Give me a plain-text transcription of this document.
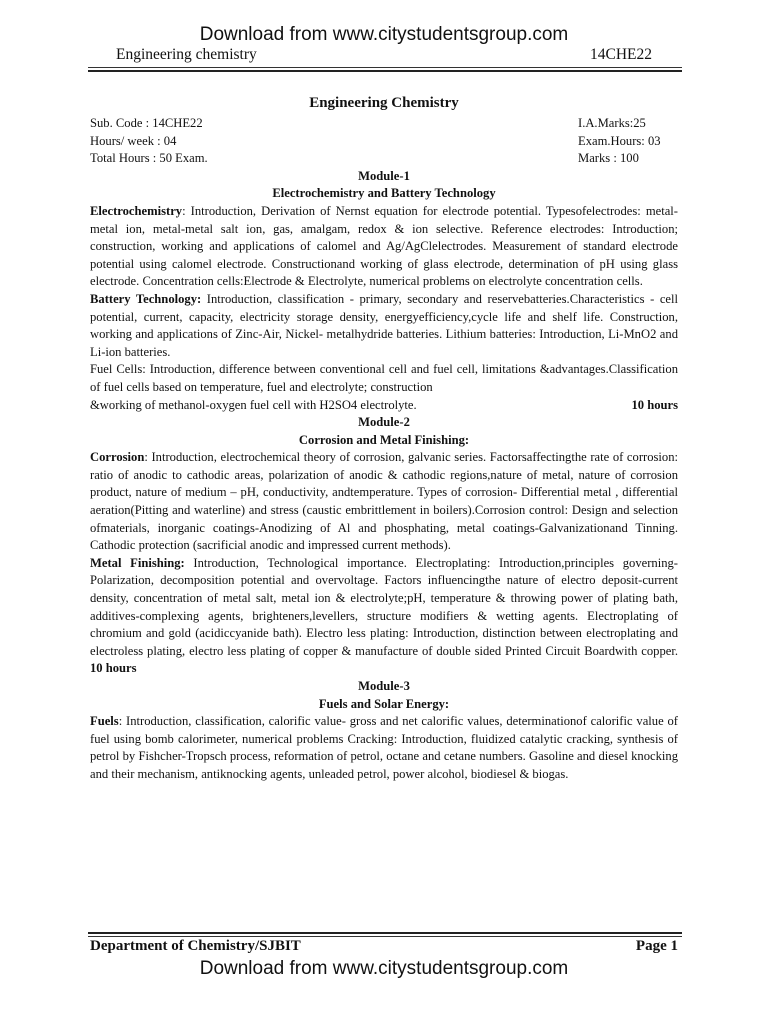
Download from www.citystudentsgroup.com
Engineering chemistry	14CHE22
Engineering Chemistry
Sub. Code : 14CHE22	I.A.Marks:25
Hours/ week : 04	Exam.Hours: 03
Total Hours : 50 Exam.	Marks : 100
Module-1
Electrochemistry and Battery Technology

Electrochemistry: Introduction, Derivation of Nernst equation for electrode potential. Typesofelectrodes: metal-metal ion, metal-metal salt ion, gas, amalgam, redox & ion selective. Reference electrodes: Introduction; construction, working and applications of calomel and Ag/AgClelectrodes. Measurement of standard electrode potential using calomel electrode. Constructionand working of glass electrode, determination of pH using glass electrode. Concentration cells:Electrode & Electrolyte, numerical problems on electrolyte concentration cells.

Battery Technology: Introduction, classification - primary, secondary and reservebatteries.Characteristics - cell potential, current, capacity, electricity storage density, energyefficiency,cycle life and shelf life. Construction, working and applications of Zinc-Air, Nickel- metalhydride batteries. Lithium batteries: Introduction, Li-MnO2 and Li-ion batteries.

Fuel Cells: Introduction, difference between conventional cell and fuel cell, limitations &advantages.Classification of fuel cells based on temperature, fuel and electrolyte; construction

&working of methanol-oxygen fuel cell with H2SO4 electrolyte.	10 hours
Module-2
Corrosion and Metal Finishing:

Corrosion: Introduction, electrochemical theory of corrosion, galvanic series. Factorsaffectingthe rate of corrosion: ratio of anodic to cathodic areas, polarization of anodic & cathodic regions,nature of metal, nature of corrosion product, nature of medium – pH, conductivity, andtemperature. Types of corrosion- Differential metal , differential aeration(Pitting and waterline) and stress (caustic embrittlement in boilers).Corrosion control: Design and selection ofmaterials, inorganic coatings-Anodizing of Al and phosphating, metal coatings-Galvanizationand Tinning. Cathodic protection (sacrificial anodic and impressed current methods).

Metal Finishing: Introduction, Technological importance. Electroplating: Introduction,principles governing-Polarization, decomposition potential and overvoltage. Factors influencingthe nature of electro deposit-current density, concentration of metal salt, metal ion & electrolyte;pH, temperature & throwing power of plating bath, additives-complexing agents, brighteners,levellers, structure modifiers & wetting agents. Electroplating of chromium and gold (acidiccyanide bath). Electro less plating: Introduction, distinction between electroplating and electroless plating, electro less plating of copper & manufacture of double sided Printed Circuit Boardwith copper. 10 hours

Module-3
Fuels and Solar Energy:

Fuels: Introduction, classification, calorific value- gross and net calorific values, determinationof calorific value of fuel using bomb calorimeter, numerical problems Cracking: Introduction, fluidized catalytic cracking, synthesis of petrol by Fishcher-Tropsch process, reformation of petrol, octane and cetane numbers. Gasoline and diesel knocking and their mechanism, antiknocking agents, unleaded petrol, power alcohol, biodiesel & biogas.

Department of Chemistry/SJBIT	Page 1
Download from www.citystudentsgroup.com
